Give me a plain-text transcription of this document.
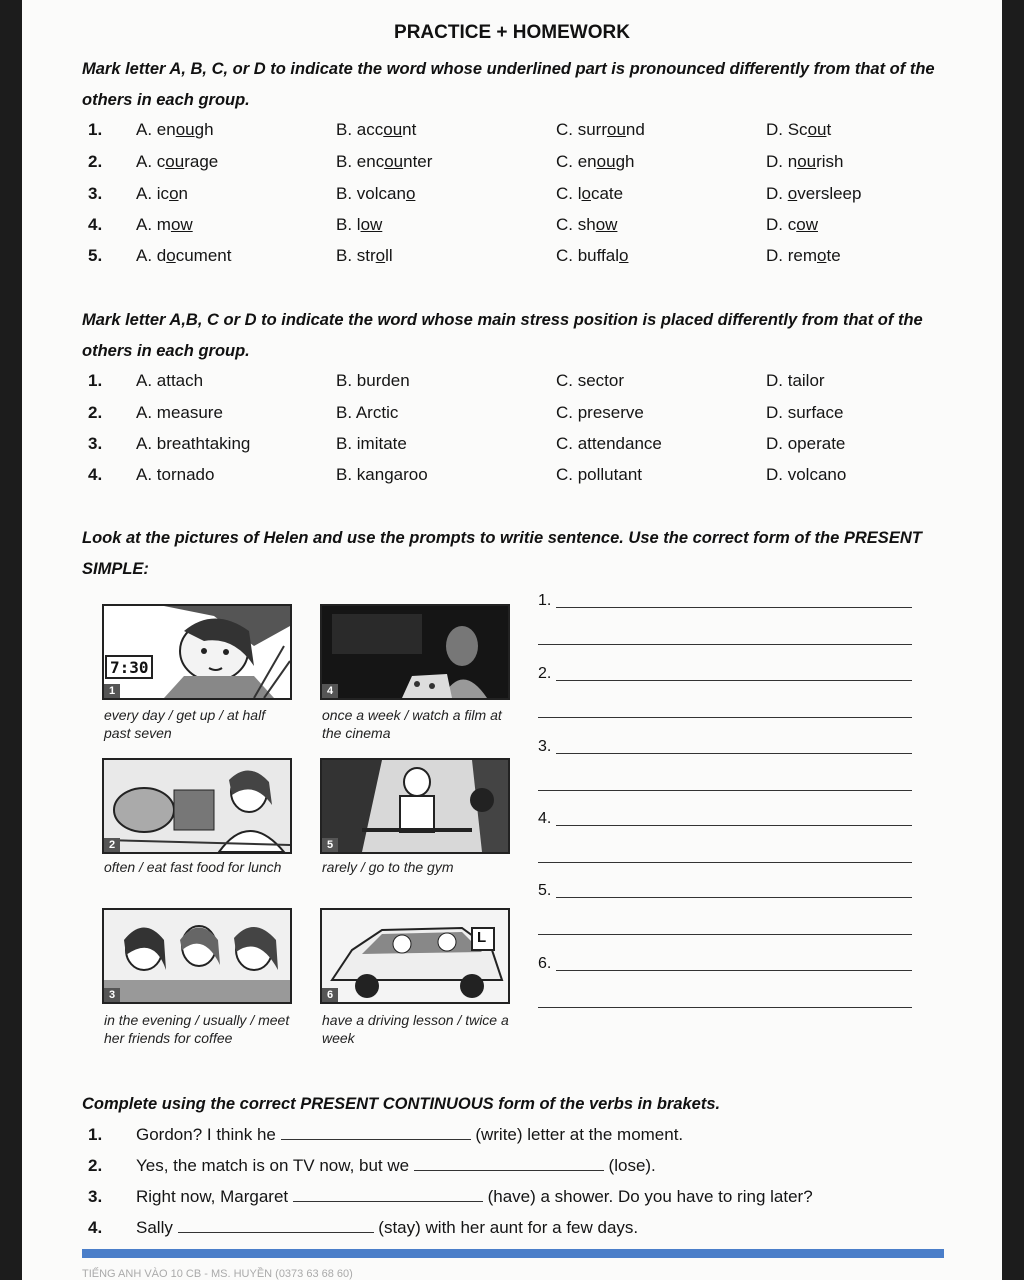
PRACTICE + HOMEWORK
Mark letter A, B, C, or D to indicate the word whose underlined part is pronounced differently from that of the others in each group.
1. A. enough	B. account	C. surround	D. Scout
2. A. courage	B. encounter	C. enough	D. nourish
3. A. icon	B. volcano	C. locate	D. oversleep
4. A. mow	B. low	C. show	D. cow
5. A. document	B. stroll	C. buffalo	D. remote
Mark letter A,B, C or D to indicate the word whose main stress position is placed differently from that of the others in each group.
1. A. attach	B. burden	C. sector	D. tailor
2. A. measure	B. Arctic	C. preserve	D. surface
3. A. breathtaking	B. imitate	C. attendance	D. operate
4. A. tornado	B. kangaroo	C. pollutant	D. volcano
Look at the pictures of Helen and use the prompts to writie sentence. Use the correct form of the PRESENT SIMPLE:
7:30
1
every day / get up / at half past seven
4
once a week / watch a film at the cinema
2
often / eat fast food for lunch
5
rarely / go to the gym
3
in the evening / usually / meet her friends for coffee
L
6
have a driving lesson / twice a week
1.
2.
3.
4.
5.
6.
Complete using the correct PRESENT CONTINUOUS form of the verbs in brakets.
1. Gordon? I think he	(write) letter at the moment.
2. Yes, the match is on TV now, but we	(lose).
3. Right now, Margaret	(have) a shower. Do you have to ring later?
4. Sally	(stay) with her aunt for a few days.
TIẾNG ANH VÀO 10 CB - MS. HUYỀN (0373 63 68 60)
